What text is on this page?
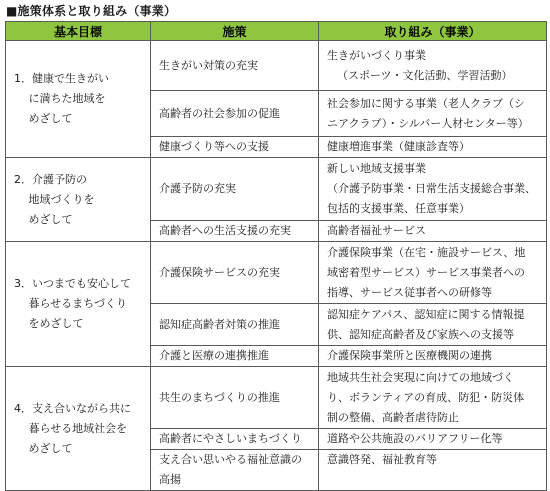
■施策体系と取り組み（事業）
基本目標	施策	取り組み（事業）

1．健康で生きがい
　 に満ちた地域を
　 めざして	生きがい対策の充実	生きがいづくり事業
（スポーツ・文化活動、学習活動）

	高齢者の社会参加の促進	社会参加に関する事業（老人クラブ（シ
ニアクラブ）・シルバー人材センター等）

	健康づくり等への支援	健康増進事業（健康診査等）

2．介護予防の
　 地域づくりを
　 めざして	介護予防の充実	新しい地域支援事業
（介護予防事業・日常生活支援総合事業、
包括的支援事業、任意事業）

	高齢者への生活支援の充実	高齢者福祉サービス

3．いつまでも安心して
　 暮らせるまちづくり
　 をめざして	介護保険サービスの充実	介護保険事業（在宅・施設サービス、地
域密着型サービス）サービス事業者への
指導、サービス従事者への研修等

	認知症高齢者対策の推進	認知症ケアパス、認知症に関する情報提
供、認知症高齢者及び家族への支援等

	介護と医療の連携推進	介護保険事業所と医療機関の連携

4．支え合いながら共に
　 暮らせる地域社会を
　 めざして	共生のまちづくりの推進	地域共生社会実現に向けての地域づく
り、ボランティアの育成、防犯・防災体
制の整備、高齢者虐待防止

	高齢者にやさしいまちづくり	道路や公共施設のバリアフリー化等

	支え合い思いやる福祉意識の
高揚	意識啓発、福祉教育等
